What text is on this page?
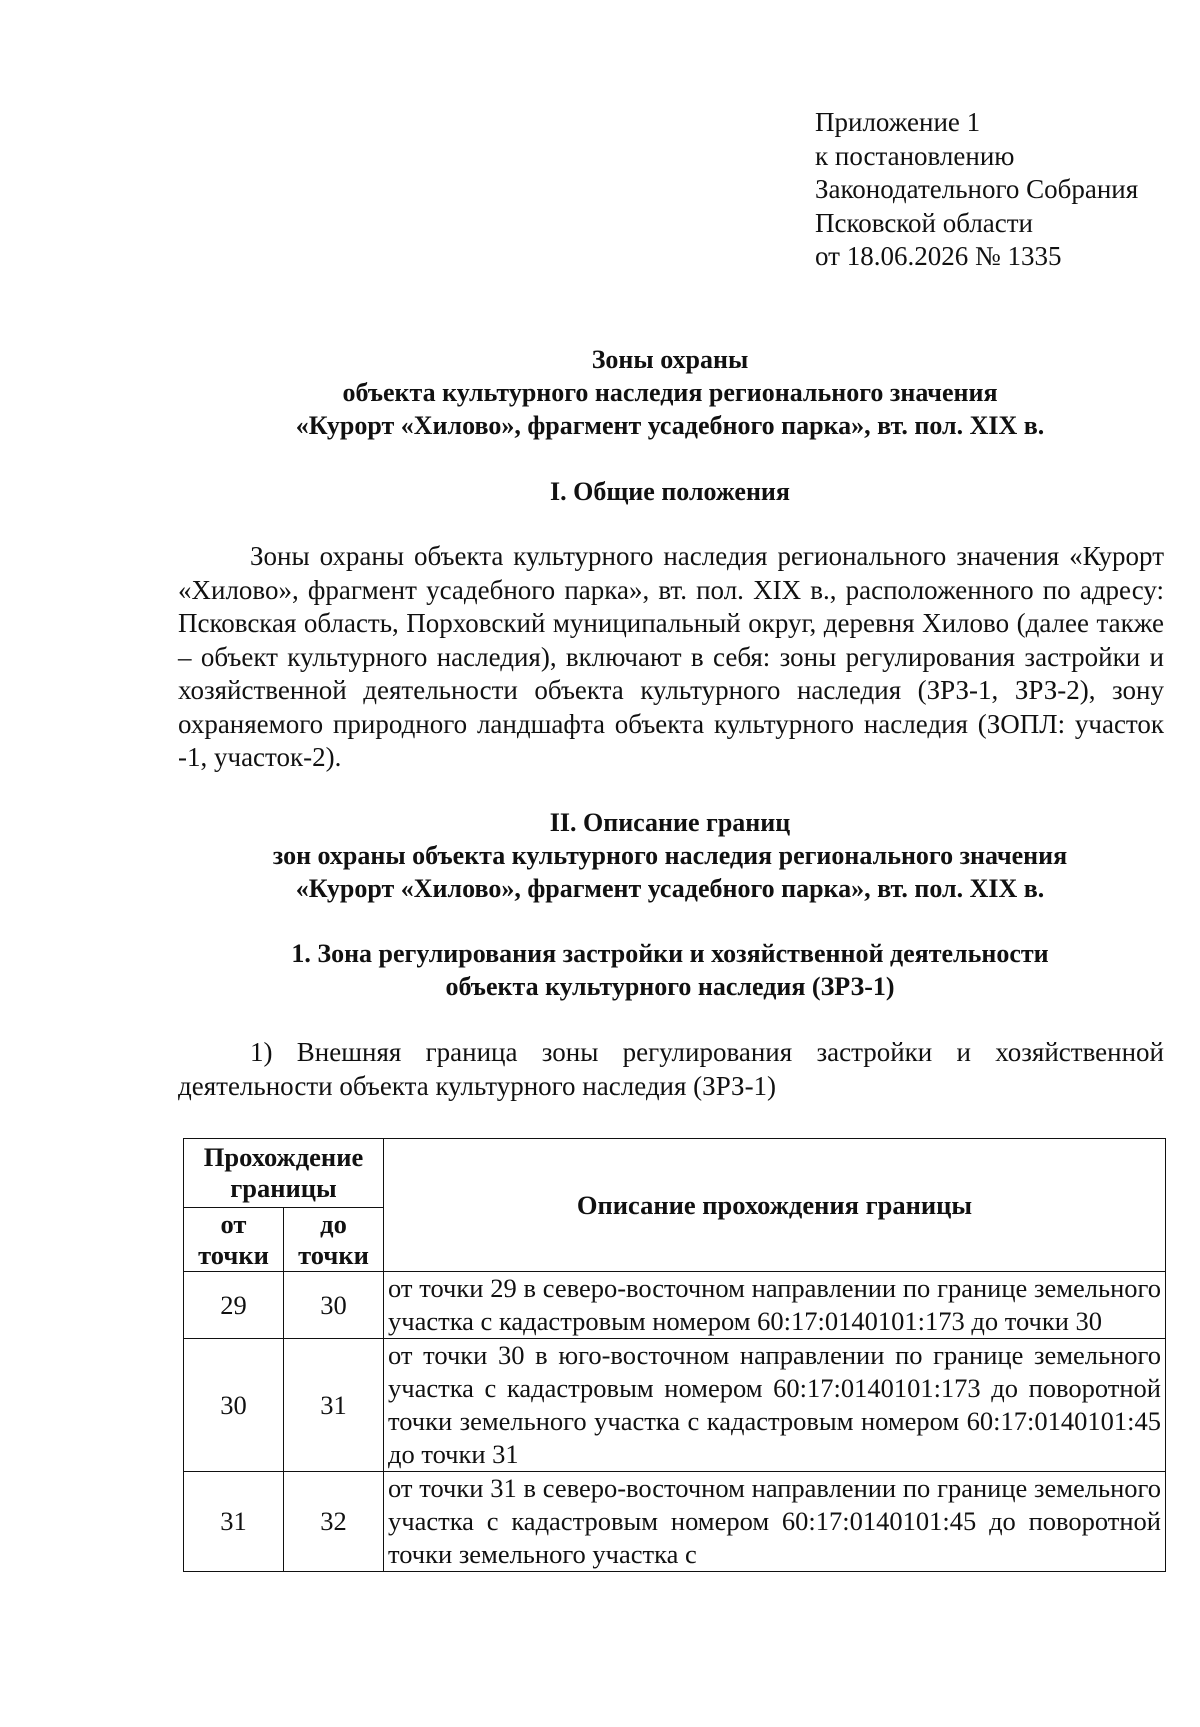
Приложение 1
к постановлению
Законодательного Собрания
Псковской области
от 18.06.2026 № 1335
Зоны охраны
объекта культурного наследия регионального значения
«Курорт «Хилово», фрагмент усадебного парка», вт. пол. XIX в.
I. Общие положения
Зоны охраны объекта культурного наследия регионального значения «Курорт «Хилово», фрагмент усадебного парка», вт. пол. XIX в., расположенного по адресу: Псковская область, Порховский муниципальный округ, деревня Хилово (далее также – объект культурного наследия), включают в себя: зоны регулирования застройки и хозяйственной деятельности объекта культурного наследия (ЗРЗ-1, ЗРЗ-2), зону охраняемого природного ландшафта объекта культурного наследия (ЗОПЛ: участок -1, участок-2).
II. Описание границ
зон охраны объекта культурного наследия регионального значения
«Курорт «Хилово», фрагмент усадебного парка», вт. пол. XIX в.
1. Зона регулирования застройки и хозяйственной деятельности
объекта культурного наследия (ЗРЗ-1)
1) Внешняя граница зоны регулирования застройки и хозяйственной деятельности объекта культурного наследия (ЗРЗ-1)
Прохождение границы		Описание прохождения границы
от точки	до точки	
29	30	от точки 29 в северо-восточном направлении по границе земельного участка с кадастровым номером 60:17:0140101:173 до точки 30
30	31	от точки 30 в юго-восточном направлении по границе земельного участка с кадастровым номером 60:17:0140101:173 до поворотной точки земельного участка с кадастровым номером 60:17:0140101:45 до точки 31
31	32	от точки 31 в северо-восточном направлении по границе земельного участка с кадастровым номером 60:17:0140101:45 до поворотной точки земельного участка с
